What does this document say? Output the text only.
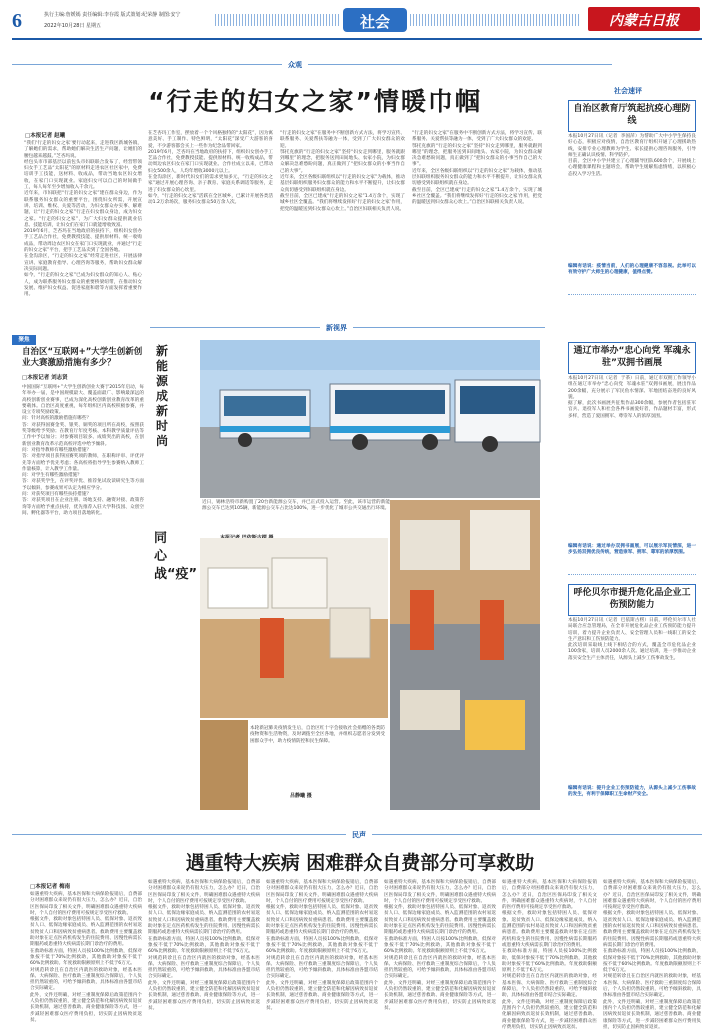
6	执行主编:詹媛嫣 责任编辑:李存霞 版式策划:纪荣静 制图:安宁
2022年10月28日 星期五	社会	内蒙古日报
众观
“行走的妇女之家”情暖巾帼
□本报记者 赵曦
“我们‘行走的妇女之家’要行动起来，走进我区新城各镇，了解她们的需求，帮助她们解决生活生产问题，让她们的腰包越来越鼓。”芝杏玛说。
经包头市市部基层以前包头市妇联联合发布了，经营带领妇女手工艺品“太阳花”的原材料走进农区社区家中，免费培训手工技能，送材料、收成品，带动当地农区妇女增收，在家门口实现就业。家庭妇女可以自己的时间做手工，每人每年至少增加收入千余元。
近年来，市妇联把“行走的妇女之家”建在群众身边，作为联系服务妇女群众的重要平台，围绕妇女所需，开展宣讲、培训、维权、关爱等活动，为妇女群众办实事、解难题，让“行走的妇女之家”行走在妇女群众身边，成为妇女之家。“行走的妇女之家”，为广大妇女群众提供就业信息、技能培训，让妇女们在家门口就能增收致富。
2019年6月，芝杏玛在当地政府的扶持下，组织妇女创办手工艺品合作社，免费教授技能、提供原材料、统一收购成品，带动周边农区妇女在家门口实现就业，并通过“行走的妇女之家”平台，把手工艺品卖到了全国各地。
在金沟涂区，“行走的妇女之家”经常走进社区，开展法律宣讲、家庭教育指导、心理咨询等服务，帮助妇女群众解决实际问题。
如今，“行走的妇女之家”已成为妇女群众的知心人、贴心人，成为联系服务妇女群众的重要桥梁纽带，在推动妇女发展、维护妇女权益、促进家庭和谐等方面发挥着重要作用。
在芝杏玛工作室，摆放着一个个风格独特的“太阳花”，因为寓意美好、手工制作、特色鲜明，“太阳花”深受广大游客的喜爱，不少游客都会买上一些作为纪念品带回家。
2019年6月，芝杏玛在当地政府的扶持下，组织妇女创办手工艺品合作社，免费教授技能、提供原材料、统一收购成品，带动周边农区妇女在家门口实现就业。合作社成立以来，已带动妇女500余人，人均年增收3000元以上。
在金沟涂区，新时代妇女们的需求更加多元，“行走的妇女之家”通过开展心理咨询、亲子教育、家庭关系调适等服务，走进了妇女群众的心坎里。
如今，“行走的妇女之家”活跃在全区城乡，已累计开展各类活动1.2万余场次，服务妇女群众50万余人次。
“行走的妇女之家”在服务中不断创新方式方法，将学习宣传、联系服务、关爱帮扶等融为一体，受到了广大妇女群众的欢迎。
鄂托克旗的“行走的妇女之家”坚持“妇女走到哪里，服务就跟到哪里”的理念，把服务送到田间地头、农家小院，为妇女群众解决急难愁盼问题，真正做到了“把妇女群众的小事当作自己的大事”。
近年来，全区各级妇联组织以“行走的妇女之家”为载体，推动基层妇联组织服务妇女群众的能力和水平不断提升，让妇女群众真切感受到妇联组织就在身边。
截至目前，全区已建成“行走的妇女之家”1.4万余个，实现了城乡社区全覆盖。“我们将继续发挥好‘行走的妇女之家’作用，把党的温暖送到妇女群众心坎上。”自治区妇联相关负责人说。
“行走的妇女之家”在服务中不断创新方式方法，将学习宣传、联系服务、关爱帮扶等融为一体，受到了广大妇女群众的欢迎。
鄂托克旗的“行走的妇女之家”坚持“妇女走到哪里，服务就跟到哪里”的理念，把服务送到田间地头、农家小院，为妇女群众解决急难愁盼问题，真正做到了“把妇女群众的小事当作自己的大事”。
近年来，全区各级妇联组织以“行走的妇女之家”为载体，推动基层妇联组织服务妇女群众的能力和水平不断提升，让妇女群众真切感受到妇联组织就在身边。
截至目前，全区已建成“行走的妇女之家”1.4万余个，实现了城乡社区全覆盖。“我们将继续发挥好‘行走的妇女之家’作用，把党的温暖送到妇女群众心坎上。”自治区妇联相关负责人说。
聚焦
自治区“互联网+”大学生创新创业大赛激励措施有多少？
□本报记者 刘志贤
中国国际“互联网+”大学生创新创业大赛于2015年启动，每年举办一届，是中国规模最大、覆盖面最广、影响最深远的高校创新创业赛事，已成为深化高校创新创业教育改革的重要载体。自治区高度重视，每年组织区内高校积极参赛，并设立专项奖励政策。
问：针对高校的激励措施有哪些？
答：对获得国赛金奖、银奖、铜奖的项目所在高校，按照获奖等级给予奖励；在教育厅年度考核、本科教学质量评估等工作中予以加分；对参赛项目较多、成绩突出的高校，在创新创业教育改革示范高校评选中给予倾斜。
问：对指导教师有哪些激励措施？
答：对指导项目获得国赛奖项的教师，在职称评审、评优评先等方面给予优先考虑；各高校将指导学生参赛纳入教师工作量核算，计入教学工作量。
问：对学生有哪些激励措施？
答：对获奖学生，在评奖评优、推荐免试攻读研究生等方面予以倾斜，参赛成果可认定为相应学分。
问：对获奖项目有哪些扶持措施？
答：对获奖项目在企业注册、场地支持、融资对接、政策咨询等方面给予重点扶持，优先推荐入驻大学科技园、众创空间、孵化器等平台，助力项目落地转化。
新视界
新能源成新时尚
近日，锡林浩特市新购置了20台新能源公交车，并已正式投入运营。至此，该市运营的新能源公交车已达到105辆，新能源公交车占比达100%，进一步优化了城市公共交通出行环境。
同心战“疫”
本轮新冠肺炎疫情发生后，自治区红十字会接收社会捐赠的各类防疫物资和生活物资，及时调拨至全区各地，并组织志愿者分发到受困群众手中，助力疫情防控和民生保障。
吕静曦 摄
社会速评
自治区教育厅筑起抗疫心理防线
本报10月27日讯（记者  李国萍）为帮助广大中小学生保持良好心态，积极应对疫情，自治区教育厅组织开通了心理援助热线，安排专业心理教师为学生、家长提供心理咨询服务，引导师生正确认识疫情、科学防护。
目前，全区中小学共建立了心理辅导团队600余个，开展线上心理健康课程和主题班会，帮助学生缓解焦虑情绪，以积极心态投入学习生活。
编辑有话说：疫情当前，人们的心理健康不容忽视。此举可以有效守护广大师生的心理健康，值得点赞。
通辽市举办“忠心向党 军魂永驻”双拥书画展
本报10月27日讯（记者  于茶）日前，通辽市双拥工作领导小组在通辽市举办“忠心向党  军魂永驻”双拥书画展，展出作品200余幅，充分展示了军民鱼水情深、军地团结奋进的良好风貌。
据了解，此次书画展共征集作品300余幅，参展作者包括驻军官兵、退役军人和社会各界书画爱好者，作品题材丰富，形式多样，营造了爱国拥军、尊崇军人的浓厚氛围。
编辑有话说：通过举办双拥书画展，可以展示军民情深，进一步弘扬双拥优良传统，营造崇军、拥军、尊军的浓厚氛围。
呼伦贝尔市提升危化品企业工伤预防能力
本报10月27日讯（记者  巴依斯古楞）日前，呼伦贝尔市人社局联合应急管理局，在全市开展危化品企业工伤预防能力提升培训，着力提升企业负责人、安全管理人员和一线职工的安全生产意识和工伤预防能力。
此次培训采取线上线下相结合的方式，覆盖全市危化品企业100余家，培训人员2000余人次。通过培训，进一步推动企业落实安全生产主体责任，从源头上减少工伤事故发生。
编辑有话说：提升企业工伤预防能力，从源头上减少工伤事故的发生，有利于保障职工生命财产安全。
民声
遇重特大疾病 困难群众自费部分可享救助
□本报记者 梅南
如遇重特大疾病，基本医保和大病保险报销后，自费部分对困难群众来说仍有很大压力，怎么办？近日，自治区医保局印发了相关文件，明确困难群众遇重特大疾病时，个人自付的医疗费用可按规定享受医疗救助。
根据文件，救助对象包括特困人员、低保对象、返贫致贫人口、低保边缘家庭成员、纳入监测范围的农村易返贫致贫人口和因病致贫重病患者。救助费用主要覆盖救助对象在定点医药机构发生的住院费用、因慢性病需长期服药或患重特大疾病需长期门诊治疗的费用。
在救助标准方面，特困人员按100%比例救助，低保对象按不低于70%比例救助，其他救助对象按不低于60%比例救助。年度救助限额原则上不低于6万元。
对规范转诊且在自治区内就医的救助对象，经基本医保、大病保险、医疗救助三重制度综合保障后，个人负担仍然较重的，可给予倾斜救助，具体标准由各盟市结合实际确定。
此外，文件还明确，对经三重制度保障后政策范围内个人负担仍然较重的，建立健全防范和化解因病致贫返贫长效机制，通过慈善救助、商业健康保险等方式，进一步减轻困难群众医疗费用负担，切实防止因病致贫返贫。
如遇重特大疾病，基本医保和大病保险报销后，自费部分对困难群众来说仍有很大压力，怎么办？近日，自治区医保局印发了相关文件，明确困难群众遇重特大疾病时，个人自付的医疗费用可按规定享受医疗救助。
根据文件，救助对象包括特困人员、低保对象、返贫致贫人口、低保边缘家庭成员、纳入监测范围的农村易返贫致贫人口和因病致贫重病患者。救助费用主要覆盖救助对象在定点医药机构发生的住院费用、因慢性病需长期服药或患重特大疾病需长期门诊治疗的费用。
在救助标准方面，特困人员按100%比例救助，低保对象按不低于70%比例救助，其他救助对象按不低于60%比例救助。年度救助限额原则上不低于6万元。
对规范转诊且在自治区内就医的救助对象，经基本医保、大病保险、医疗救助三重制度综合保障后，个人负担仍然较重的，可给予倾斜救助，具体标准由各盟市结合实际确定。
此外，文件还明确，对经三重制度保障后政策范围内个人负担仍然较重的，建立健全防范和化解因病致贫返贫长效机制，通过慈善救助、商业健康保险等方式，进一步减轻困难群众医疗费用负担，切实防止因病致贫返贫。
如遇重特大疾病，基本医保和大病保险报销后，自费部分对困难群众来说仍有很大压力，怎么办？近日，自治区医保局印发了相关文件，明确困难群众遇重特大疾病时，个人自付的医疗费用可按规定享受医疗救助。
根据文件，救助对象包括特困人员、低保对象、返贫致贫人口、低保边缘家庭成员、纳入监测范围的农村易返贫致贫人口和因病致贫重病患者。救助费用主要覆盖救助对象在定点医药机构发生的住院费用、因慢性病需长期服药或患重特大疾病需长期门诊治疗的费用。
在救助标准方面，特困人员按100%比例救助，低保对象按不低于70%比例救助，其他救助对象按不低于60%比例救助。年度救助限额原则上不低于6万元。
对规范转诊且在自治区内就医的救助对象，经基本医保、大病保险、医疗救助三重制度综合保障后，个人负担仍然较重的，可给予倾斜救助，具体标准由各盟市结合实际确定。
此外，文件还明确，对经三重制度保障后政策范围内个人负担仍然较重的，建立健全防范和化解因病致贫返贫长效机制，通过慈善救助、商业健康保险等方式，进一步减轻困难群众医疗费用负担，切实防止因病致贫返贫。
如遇重特大疾病，基本医保和大病保险报销后，自费部分对困难群众来说仍有很大压力，怎么办？近日，自治区医保局印发了相关文件，明确困难群众遇重特大疾病时，个人自付的医疗费用可按规定享受医疗救助。
根据文件，救助对象包括特困人员、低保对象、返贫致贫人口、低保边缘家庭成员、纳入监测范围的农村易返贫致贫人口和因病致贫重病患者。救助费用主要覆盖救助对象在定点医药机构发生的住院费用、因慢性病需长期服药或患重特大疾病需长期门诊治疗的费用。
在救助标准方面，特困人员按100%比例救助，低保对象按不低于70%比例救助，其他救助对象按不低于60%比例救助。年度救助限额原则上不低于6万元。
对规范转诊且在自治区内就医的救助对象，经基本医保、大病保险、医疗救助三重制度综合保障后，个人负担仍然较重的，可给予倾斜救助，具体标准由各盟市结合实际确定。
此外，文件还明确，对经三重制度保障后政策范围内个人负担仍然较重的，建立健全防范和化解因病致贫返贫长效机制，通过慈善救助、商业健康保险等方式，进一步减轻困难群众医疗费用负担，切实防止因病致贫返贫。
如遇重特大疾病，基本医保和大病保险报销后，自费部分对困难群众来说仍有很大压力，怎么办？近日，自治区医保局印发了相关文件，明确困难群众遇重特大疾病时，个人自付的医疗费用可按规定享受医疗救助。
根据文件，救助对象包括特困人员、低保对象、返贫致贫人口、低保边缘家庭成员、纳入监测范围的农村易返贫致贫人口和因病致贫重病患者。救助费用主要覆盖救助对象在定点医药机构发生的住院费用、因慢性病需长期服药或患重特大疾病需长期门诊治疗的费用。
在救助标准方面，特困人员按100%比例救助，低保对象按不低于70%比例救助，其他救助对象按不低于60%比例救助。年度救助限额原则上不低于6万元。
对规范转诊且在自治区内就医的救助对象，经基本医保、大病保险、医疗救助三重制度综合保障后，个人负担仍然较重的，可给予倾斜救助，具体标准由各盟市结合实际确定。
此外，文件还明确，对经三重制度保障后政策范围内个人负担仍然较重的，建立健全防范和化解因病致贫返贫长效机制，通过慈善救助、商业健康保险等方式，进一步减轻困难群众医疗费用负担，切实防止因病致贫返贫。
如遇重特大疾病，基本医保和大病保险报销后，自费部分对困难群众来说仍有很大压力，怎么办？近日，自治区医保局印发了相关文件，明确困难群众遇重特大疾病时，个人自付的医疗费用可按规定享受医疗救助。
根据文件，救助对象包括特困人员、低保对象、返贫致贫人口、低保边缘家庭成员、纳入监测范围的农村易返贫致贫人口和因病致贫重病患者。救助费用主要覆盖救助对象在定点医药机构发生的住院费用、因慢性病需长期服药或患重特大疾病需长期门诊治疗的费用。
在救助标准方面，特困人员按100%比例救助，低保对象按不低于70%比例救助，其他救助对象按不低于60%比例救助。年度救助限额原则上不低于6万元。
对规范转诊且在自治区内就医的救助对象，经基本医保、大病保险、医疗救助三重制度综合保障后，个人负担仍然较重的，可给予倾斜救助，具体标准由各盟市结合实际确定。
此外，文件还明确，对经三重制度保障后政策范围内个人负担仍然较重的，建立健全防范和化解因病致贫返贫长效机制，通过慈善救助、商业健康保险等方式，进一步减轻困难群众医疗费用负担，切实防止因病致贫返贫。
